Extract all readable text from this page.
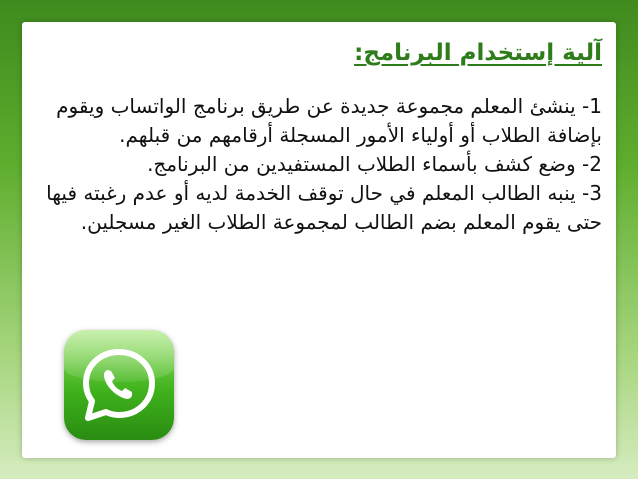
آلية إستخدام البرنامج:

1- ينشئ المعلم مجموعة جديدة عن طريق برنامج الواتساب ويقوم بإضافة الطلاب أو أولياء الأمور المسجلة أرقامهم من قبلهم.

2- وضع كشف بأسماء الطلاب المستفيدين من البرنامج.

3- ينبه الطالب المعلم في حال توقف الخدمة لديه أو عدم رغبته فيها حتى يقوم المعلم بضم الطالب لمجموعة الطلاب الغير مسجلين.
